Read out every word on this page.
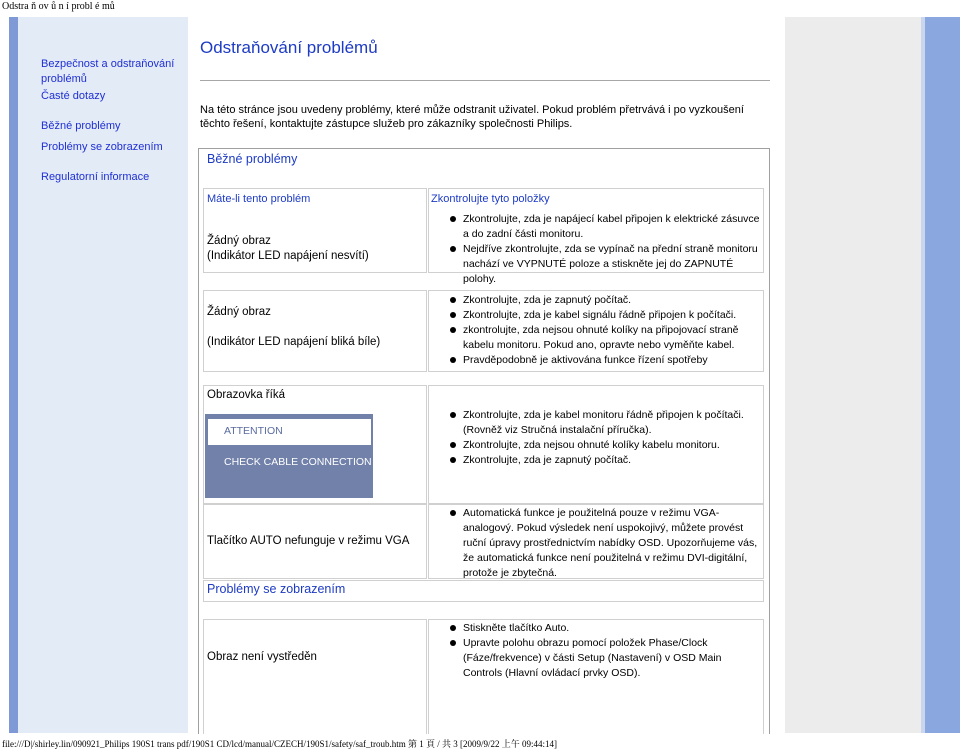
Odstra ň ov ů n í probl é mů
Bezpečnost a odstraňování problémů
Časté dotazy
Běžné problémy
Problémy se zobrazením
Regulatorní informace
Odstraňování problémů
Na této stránce jsou uvedeny problémy, které může odstranit uživatel. Pokud problém přetrvává i po vyzkoušení těchto řešení, kontaktujte zástupce služeb pro zákazníky společnosti Philips.
Běžné problémy
Máte-li tento problém	Zkontrolujte tyto položky
Žádný obraz
(Indikátor LED napájení nesvítí)
Zkontrolujte, zda je napájecí kabel připojen k elektrické zásuvce a do zadní části monitoru.
Nejdříve zkontrolujte, zda se vypínač na přední straně monitoru nachází ve VYPNUTÉ poloze a stiskněte jej do ZAPNUTÉ polohy.
Žádný obraz
(Indikátor LED napájení bliká bíle)
Zkontrolujte, zda je zapnutý počítač.
Zkontrolujte, zda je kabel signálu řádně připojen k počítači.
zkontrolujte, zda nejsou ohnuté kolíky na připojovací straně kabelu monitoru. Pokud ano, opravte nebo vyměňte kabel.
Pravděpodobně je aktivována funkce řízení spotřeby
Obrazovka říká
ATTENTION
CHECK CABLE CONNECTION
Zkontrolujte, zda je kabel monitoru řádně připojen k počítači. (Rovněž viz Stručná instalační příručka).
Zkontrolujte, zda nejsou ohnuté kolíky kabelu monitoru.
Zkontrolujte, zda je zapnutý počítač.
Tlačítko AUTO nefunguje v režimu VGA
Automatická funkce je použitelná pouze v režimu VGA-analogový. Pokud výsledek není uspokojivý, můžete provést ruční úpravy prostřednictvím nabídky OSD. Upozorňujeme vás, že automatická funkce není použitelná v režimu DVI-digitální, protože je zbytečná.
Problémy se zobrazením
Obraz není vystředěn
Stiskněte tlačítko Auto.
Upravte polohu obrazu pomocí položek Phase/Clock (Fáze/frekvence) v části Setup (Nastavení) v OSD Main Controls (Hlavní ovládací prvky OSD).
file:///D|/shirley.lin/090921_Philips 190S1 trans pdf/190S1 CD/lcd/manual/CZECH/190S1/safety/saf_troub.htm 第 1 頁 / 共 3 [2009/9/22 上午 09:44:14]
